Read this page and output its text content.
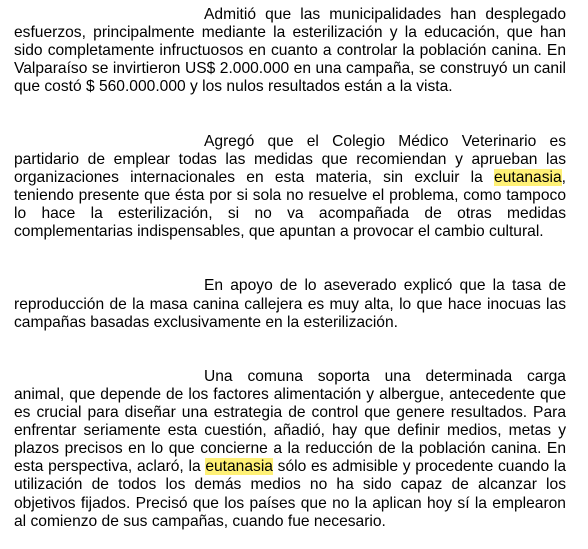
Admitió que las municipalidades han desplegado esfuerzos, principalmente mediante la esterilización y la educación, que han sido completamente infructuosos en cuanto a controlar la población canina. En Valparaíso se invirtieron US$ 2.000.000 en una campaña, se construyó un canil que costó $ 560.000.000 y los nulos resultados están a la vista.

Agregó que el Colegio Médico Veterinario es partidario de emplear todas las medidas que recomiendan y aprueban las organizaciones internacionales en esta materia, sin excluir la eutanasia, teniendo presente que ésta por si sola no resuelve el problema, como tampoco lo hace la esterilización, si no va acompañada de otras medidas complementarias indispensables, que apuntan a provocar el cambio cultural.

En apoyo de lo aseverado explicó que la tasa de reproducción de la masa canina callejera es muy alta, lo que hace inocuas las campañas basadas exclusivamente en la esterilización.

Una comuna soporta una determinada carga animal, que depende de los factores alimentación y albergue, antecedente que es crucial para diseñar una estrategia de control que genere resultados. Para enfrentar seriamente esta cuestión, añadió, hay que definir medios, metas y plazos precisos en lo que concierne a la reducción de la población canina. En esta perspectiva, aclaró, la eutanasia sólo es admisible y procedente cuando la utilización de todos los demás medios no ha sido capaz de alcanzar los objetivos fijados. Precisó que los países que no la aplican hoy sí la emplearon al comienzo de sus campañas, cuando fue necesario.
